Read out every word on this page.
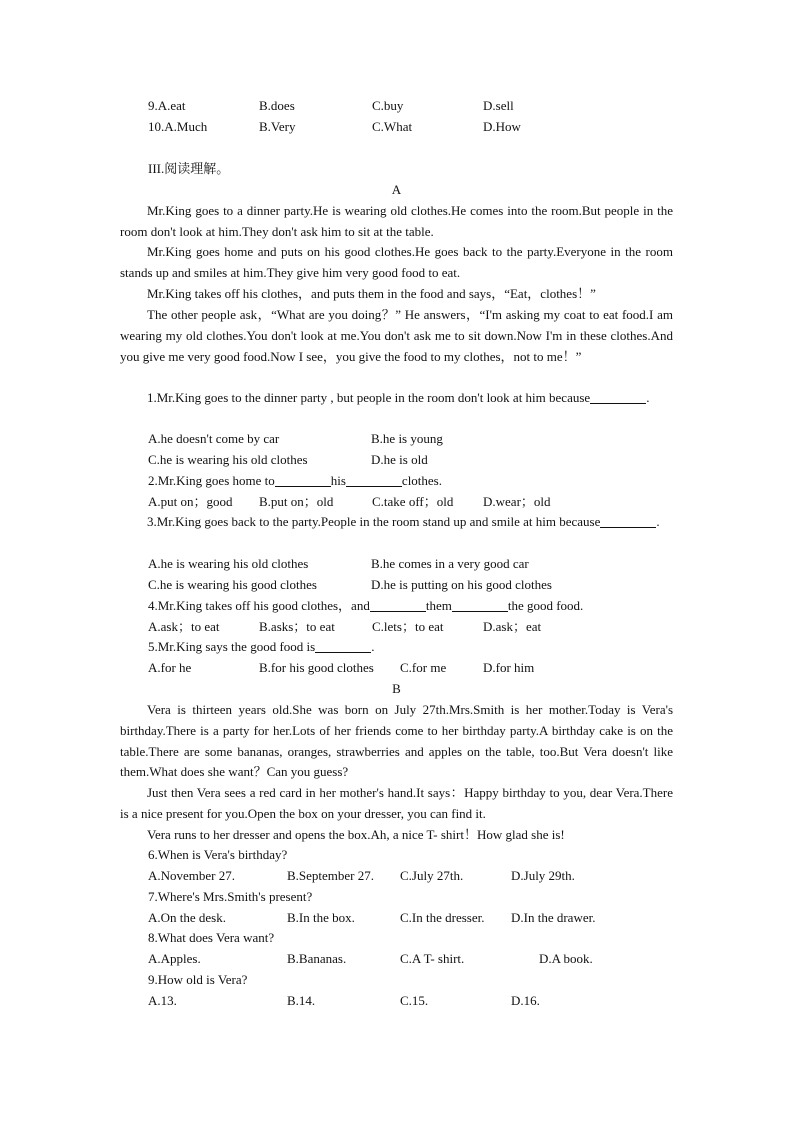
9.A.eat	B.does	C.buy	D.sell
10.A.Much	B.Very	C.What	D.How
III.阅读理解。
A
Mr.King goes to a dinner party.He is wearing old clothes.He comes into the room.But people in the room don't look at him.They don't ask him to sit at the table.
Mr.King goes home and puts on his good clothes.He goes back to the party.Everyone in the room stands up and smiles at him.They give him very good food to eat.
Mr.King takes off his clothes，and puts them in the food and says，“Eat，clothes！”
The other people ask，“What are you doing？” He answers，“I'm asking my coat to eat food.I am wearing my old clothes.You don't look at me.You don't ask me to sit down.Now I'm in these clothes.And you give me very good food.Now I see，you give the food to my clothes，not to me！”
1.Mr.King goes to the dinner party , but people in the room don't look at him because	.
A.he doesn't come by car	B.he is young
C.he is wearing his old clothes	D.he is old
2.Mr.King goes home to	his	clothes.
A.put on；good B.put on；old	C.take off；old D.wear；old
3.Mr.King goes back to the party.People in the room stand up and smile at him because	.
A.he is wearing his old clothes	B.he comes in a very good car
C.he is wearing his good clothes	D.he is putting on his good clothes
4.Mr.King takes off his good clothes，and	them	the good food.
A.ask；to eat	B.asks；to eat	C.lets；to eat	D.ask；eat
5.Mr.King says the good food is	.
A.for he	B.for his good clothes C.for me	D.for him
B
Vera is thirteen years old.She was born on July 27th.Mrs.Smith is her mother.Today is Vera's birthday.There is a party for her.Lots of her friends come to her birthday party.A birthday cake is on the table.There are some bananas, oranges, strawberries and apples on the table, too.But Vera doesn't like them.What does she want？Can you guess?
Just then Vera sees a red card in her mother's hand.It says：Happy birthday to you, dear Vera.There is a nice present for you.Open the box on your dresser, you can find it.
Vera runs to her dresser and opens the box.Ah, a nice T- shirt！How glad she is!
6.When is Vera's birthday?
A.November 27.	B.September 27. C.July 27th.	D.July 29th.
7.Where's Mrs.Smith's present?
A.On the desk.	B.In the box.	C.In the dresser. D.In the drawer.
8.What does Vera want?
A.Apples.	B.Bananas.	C.A T- shirt.	D.A book.
9.How old is Vera?
A.13.	B.14.	C.15.	D.16.
